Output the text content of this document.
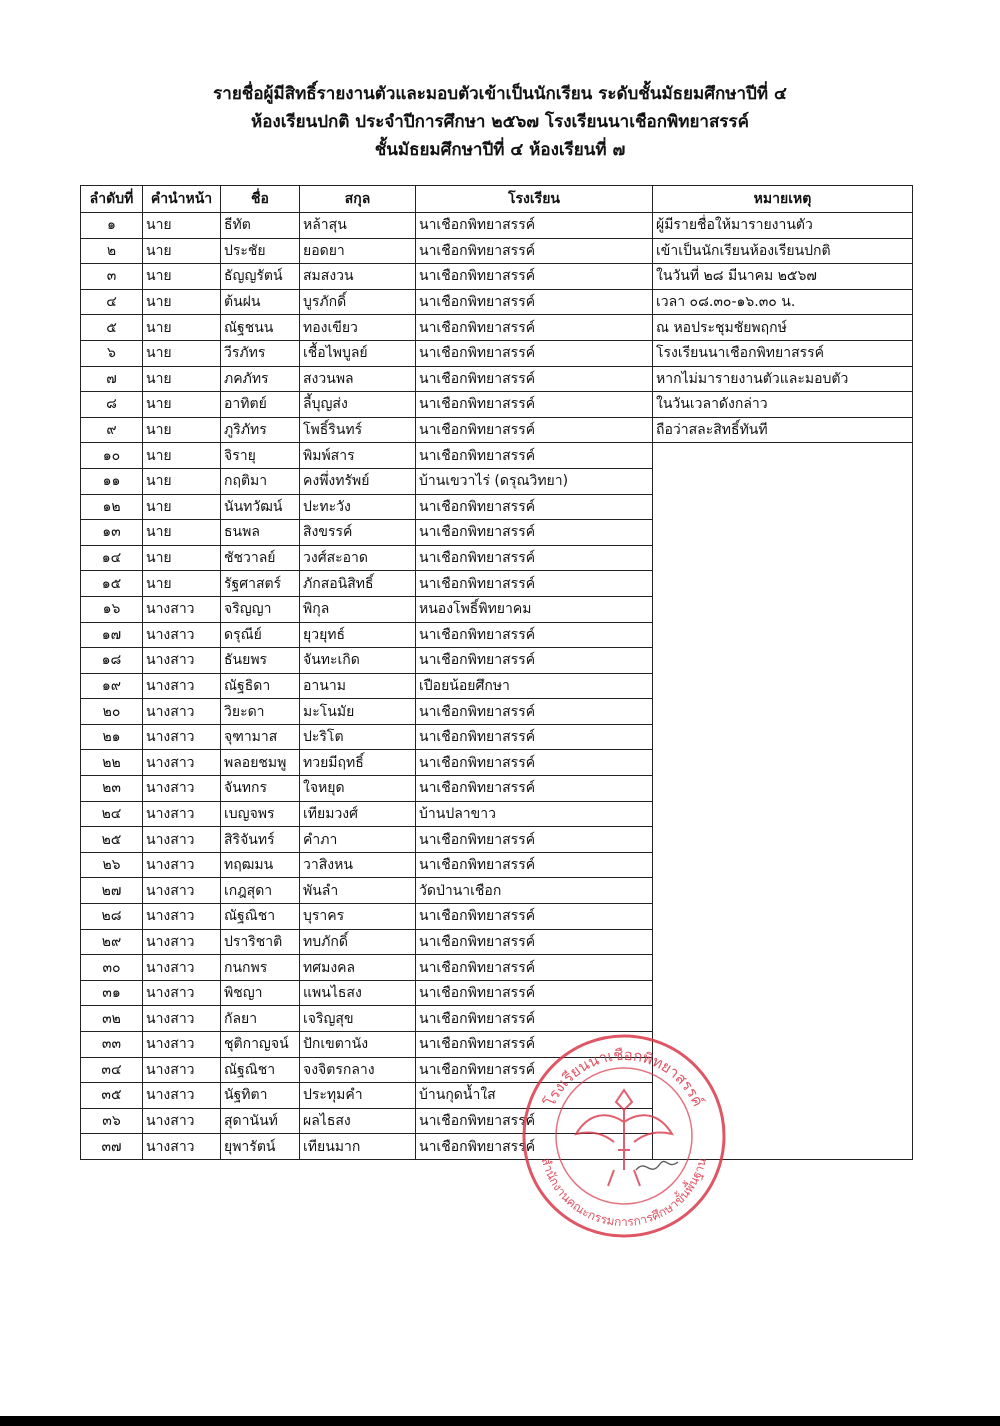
รายชื่อผู้มีสิทธิ์รายงานตัวและมอบตัวเข้าเป็นนักเรียน ระดับชั้นมัธยมศึกษาปีที่ ๔
ห้องเรียนปกติ ประจำปีการศึกษา ๒๕๖๗ โรงเรียนนาเชือกพิทยาสรรค์
ชั้นมัธยมศึกษาปีที่ ๔ ห้องเรียนที่ ๗
ลำดับที่	คำนำหน้า	ชื่อ	สกุล	โรงเรียน	หมายเหตุ
๑	นาย	ธีทัต	หล้าสุน	นาเชือกพิทยาสรรค์	ผู้มีรายชื่อให้มารายงานตัว
๒	นาย	ประชัย	ยอดยา	นาเชือกพิทยาสรรค์	เข้าเป็นนักเรียนห้องเรียนปกติ
๓	นาย	ธัญญรัตน์	สมสงวน	นาเชือกพิทยาสรรค์	ในวันที่ ๒๘ มีนาคม ๒๕๖๗
๔	นาย	ต้นฝน	บูรภักดิ์	นาเชือกพิทยาสรรค์	เวลา ๐๘.๓๐-๑๖.๓๐ น.
๕	นาย	ณัฐชนน	ทองเขียว	นาเชือกพิทยาสรรค์	ณ หอประชุมชัยพฤกษ์
๖	นาย	วีรภัทร	เชื้อไพบูลย์	นาเชือกพิทยาสรรค์	โรงเรียนนาเชือกพิทยาสรรค์
๗	นาย	ภคภัทร	สงวนพล	นาเชือกพิทยาสรรค์	หากไม่มารายงานตัวและมอบตัว
๘	นาย	อาทิตย์	ลี้บุญส่ง	นาเชือกพิทยาสรรค์	ในวันเวลาดังกล่าว
๙	นาย	ภูริภัทร	โพธิ์รินทร์	นาเชือกพิทยาสรรค์	ถือว่าสละสิทธิ์ทันที
๑๐	นาย	จิรายุ	พิมพ์สาร	นาเชือกพิทยาสรรค์	
๑๑	นาย	กฤติมา	คงพึ่งทรัพย์	บ้านเขวาไร่ (ดรุณวิทยา)	
๑๒	นาย	นันทวัฒน์	ปะทะวัง	นาเชือกพิทยาสรรค์	
๑๓	นาย	ธนพล	สิงขรรค์	นาเชือกพิทยาสรรค์	
๑๔	นาย	ชัชวาลย์	วงศ์สะอาด	นาเชือกพิทยาสรรค์	
๑๕	นาย	รัฐศาสตร์	ภักสอนิสิทธิ์	นาเชือกพิทยาสรรค์	
๑๖	นางสาว	จริญญา	พิกุล	หนองโพธิ์พิทยาคม	
๑๗	นางสาว	ดรุณีย์	ยุวยุทธ์	นาเชือกพิทยาสรรค์	
๑๘	นางสาว	ธันยพร	จันทะเกิด	นาเชือกพิทยาสรรค์	
๑๙	นางสาว	ณัฐธิดา	อานาม	เปือยน้อยศึกษา	
๒๐	นางสาว	วิยะดา	มะโนมัย	นาเชือกพิทยาสรรค์	
๒๑	นางสาว	จุฑามาส	ปะริโต	นาเชือกพิทยาสรรค์	
๒๒	นางสาว	พลอยชมพู	ทวยมีฤทธิ์	นาเชือกพิทยาสรรค์	
๒๓	นางสาว	จันทกร	ใจหยุด	นาเชือกพิทยาสรรค์	
๒๔	นางสาว	เบญจพร	เทียมวงศ์	บ้านปลาขาว	
๒๕	นางสาว	สิริจันทร์	คำภา	นาเชือกพิทยาสรรค์	
๒๖	นางสาว	ทฤฒมน	วาสิงหน	นาเชือกพิทยาสรรค์	
๒๗	นางสาว	เกฎสุดา	พันลำ	วัดป่านาเชือก	
๒๘	นางสาว	ณัฐณิชา	บุราคร	นาเชือกพิทยาสรรค์	
๒๙	นางสาว	ปราริชาติ	ทบภักดิ์	นาเชือกพิทยาสรรค์	
๓๐	นางสาว	กนกพร	ทศมงคล	นาเชือกพิทยาสรรค์	
๓๑	นางสาว	พิชญา	แพนไธสง	นาเชือกพิทยาสรรค์	
๓๒	นางสาว	กัลยา	เจริญสุข	นาเชือกพิทยาสรรค์	
๓๓	นางสาว	ชุติกาญจน์	ปักเขตานัง	นาเชือกพิทยาสรรค์	
๓๔	นางสาว	ณัฐณิชา	จงจิตรกลาง	นาเชือกพิทยาสรรค์	
๓๕	นางสาว	นัฐทิตา	ประทุมคำ	บ้านกุดน้ำใส	
๓๖	นางสาว	สุดานันท์	ผลไธสง	นาเชือกพิทยาสรรค์	
๓๗	นางสาว	ยุพารัตน์	เทียนมาก	นาเชือกพิทยาสรรค์	
โรงเรียนนาเชือกพิทยาสรรค์
สำนักงานคณะกรรมการการศึกษาขั้นพื้นฐาน
